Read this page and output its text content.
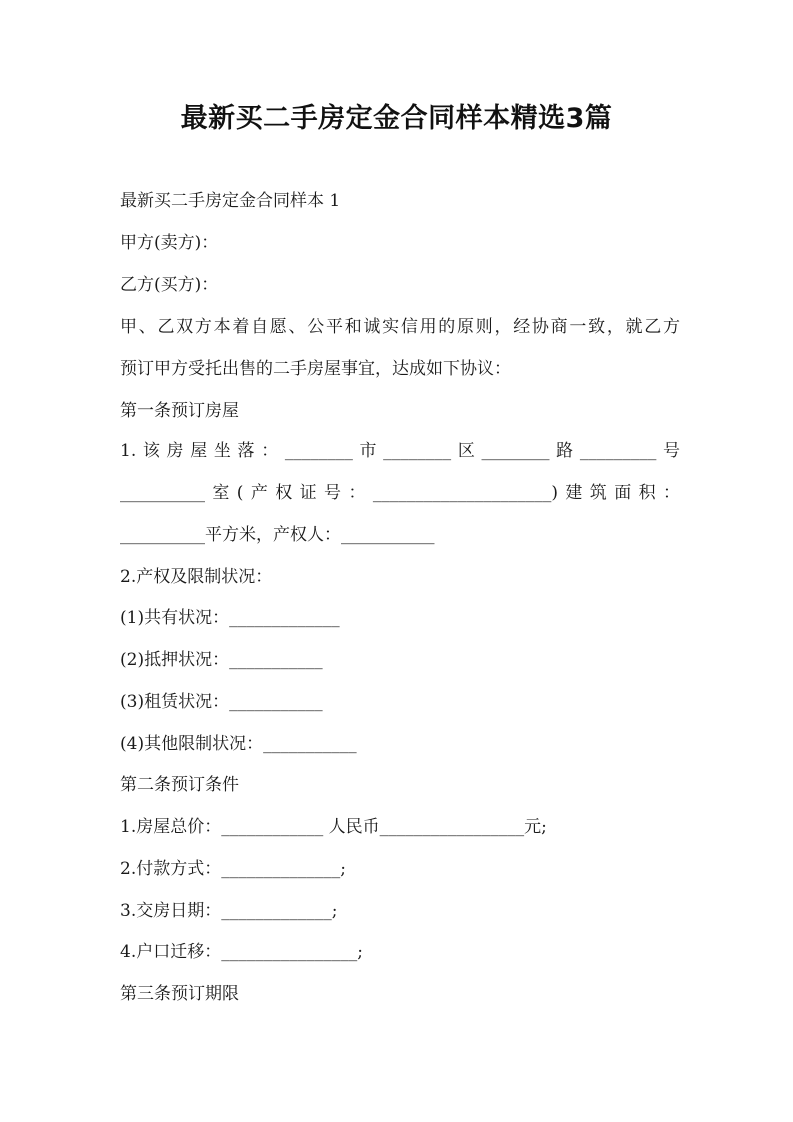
最新买二手房定金合同样本精选3篇
最新买二手房定金合同样本 1
甲方(卖方)：
乙方(买方)：
甲、乙双方本着自愿、公平和诚实信用的原则，经协商一致，就乙方
预订甲方受托出售的二手房屋事宜，达成如下协议：
第一条预订房屋
1.该房屋坐落：________市________区________路_________号
__________室(产权证号：_____________________)建筑面积：
__________平方米，产权人：___________
2.产权及限制状况：
(1)共有状况：_____________
(2)抵押状况：___________
(3)租赁状况：___________
(4)其他限制状况：___________
第二条预订条件
1.房屋总价：____________ 人民币_________________元;
2.付款方式：______________;
3.交房日期：_____________;
4.户口迁移：________________;
第三条预订期限
